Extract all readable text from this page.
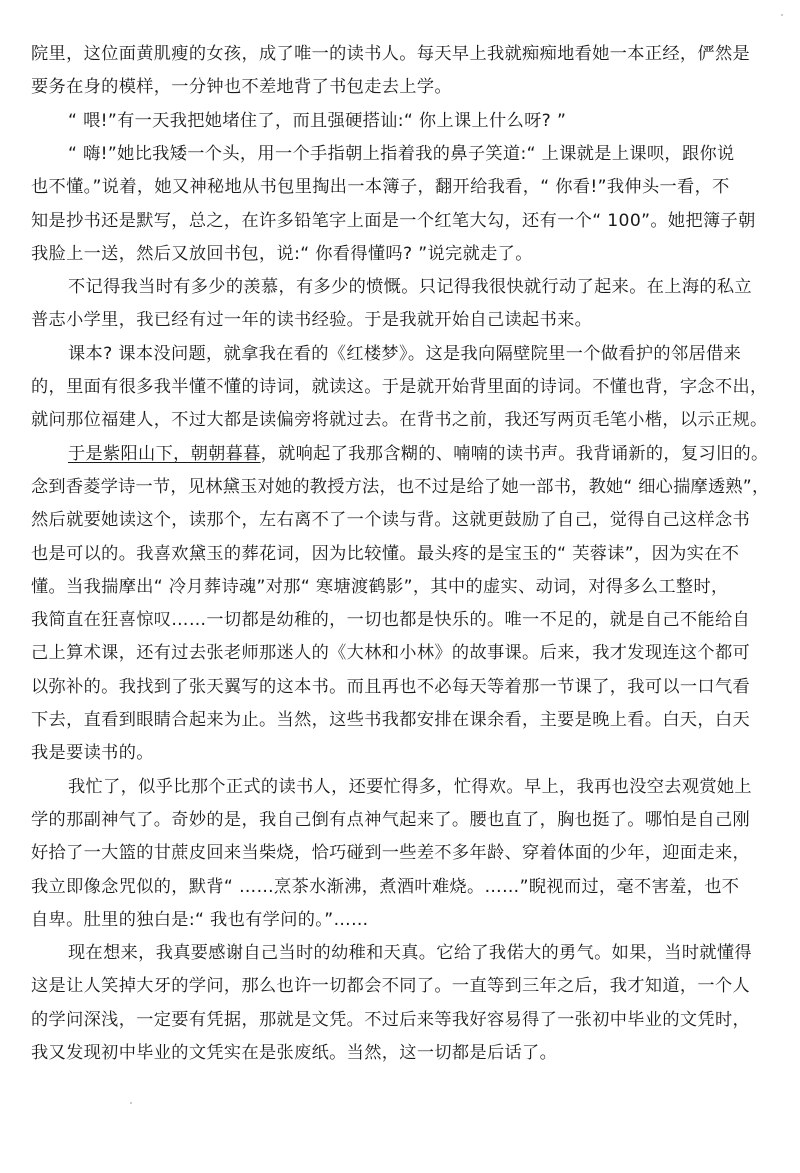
院里，这位面黄肌瘦的女孩，成了唯一的读书人。每天早上我就痴痴地看她一本正经，俨然是
要务在身的模样，一分钟也不差地背了书包走去上学。
“ 喂!”有一天我把她堵住了，而且强硬搭讪:“ 你上课上什么呀? ”
“ 嗨!”她比我矮一个头，用一个手指朝上指着我的鼻子笑道:“ 上课就是上课呗，跟你说
也不懂。”说着，她又神秘地从书包里掏出一本簿子，翻开给我看，“ 你看!”我伸头一看，不
知是抄书还是默写，总之，在许多铅笔字上面是一个红笔大勾，还有一个“ 100”。她把簿子朝
我脸上一送，然后又放回书包，说:“ 你看得懂吗? ”说完就走了。
不记得我当时有多少的羡慕，有多少的愤慨。只记得我很快就行动了起来。在上海的私立
普志小学里，我已经有过一年的读书经验。于是我就开始自己读起书来。
课本? 课本没问题，就拿我在看的《红楼梦》。这是我向隔壁院里一个做看护的邻居借来
的，里面有很多我半懂不懂的诗词，就读这。于是就开始背里面的诗词。不懂也背，字念不出，
就问那位福建人，不过大都是读偏旁将就过去。在背书之前，我还写两页毛笔小楷，以示正规。
于是紫阳山下，朝朝暮暮，就响起了我那含糊的、喃喃的读书声。我背诵新的，复习旧的。
念到香菱学诗一节，见林黛玉对她的教授方法，也不过是给了她一部书，教她“ 细心揣摩透熟”，
然后就要她读这个，读那个，左右离不了一个读与背。这就更鼓励了自己，觉得自己这样念书
也是可以的。我喜欢黛玉的葬花词，因为比较懂。最头疼的是宝玉的“ 芙蓉诔”，因为实在不
懂。当我揣摩出“ 冷月葬诗魂”对那“ 寒塘渡鹤影”，其中的虚实、动词，对得多么工整时，
我简直在狂喜惊叹……一切都是幼稚的，一切也都是快乐的。唯一不足的，就是自己不能给自
己上算术课，还有过去张老师那迷人的《大林和小林》的故事课。后来，我才发现连这个都可
以弥补的。我找到了张天翼写的这本书。而且再也不必每天等着那一节课了，我可以一口气看
下去，直看到眼睛合起来为止。当然，这些书我都安排在课余看，主要是晚上看。白天，白天
我是要读书的。
我忙了，似乎比那个正式的读书人，还要忙得多，忙得欢。早上，我再也没空去观赏她上
学的那副神气了。奇妙的是，我自己倒有点神气起来了。腰也直了，胸也挺了。哪怕是自己刚
好拾了一大篮的甘蔗皮回来当柴烧，恰巧碰到一些差不多年龄、穿着体面的少年，迎面走来，
我立即像念咒似的，默背“ ……烹茶水渐沸，煮酒叶难烧。……”睨视而过，毫不害羞，也不
自卑。肚里的独白是:“ 我也有学问的。”……
现在想来，我真要感谢自己当时的幼稚和天真。它给了我偌大的勇气。如果，当时就懂得
这是让人笑掉大牙的学问，那么也许一切都会不同了。一直等到三年之后，我才知道，一个人
的学问深浅，一定要有凭据，那就是文凭。不过后来等我好容易得了一张初中毕业的文凭时，
我又发现初中毕业的文凭实在是张废纸。当然，这一切都是后话了。
